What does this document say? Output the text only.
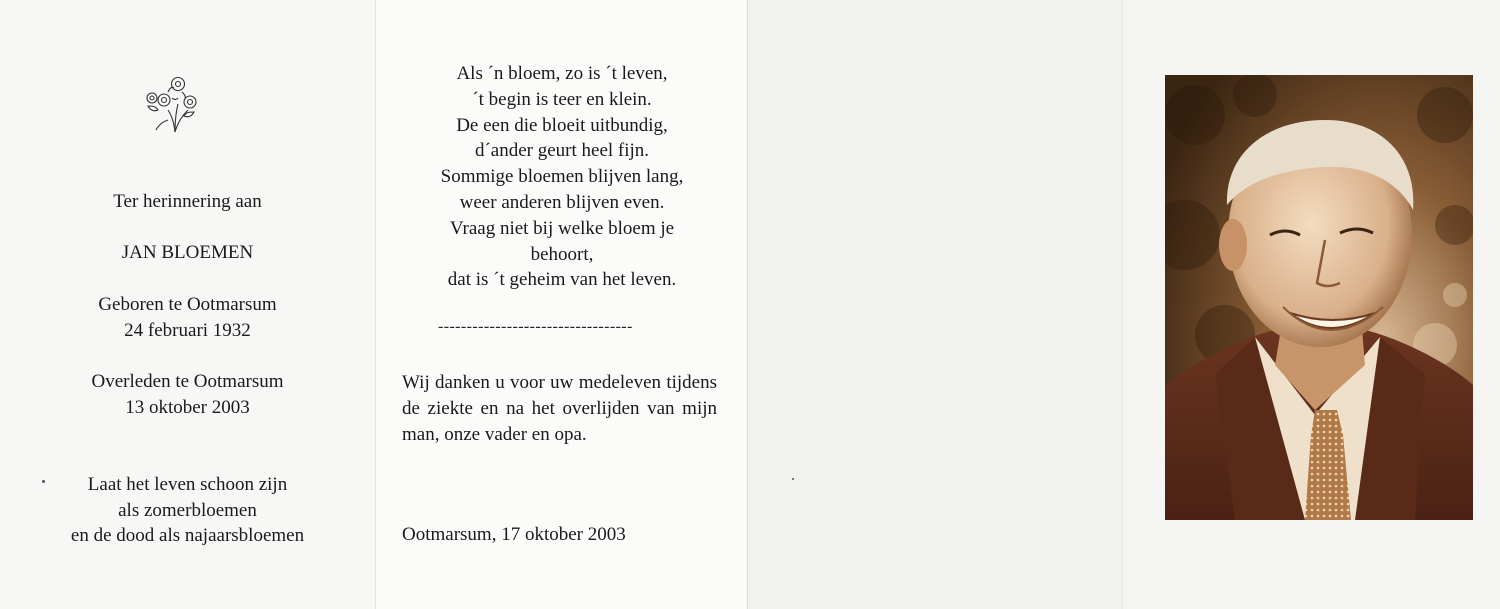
Ter herinnering aan

JAN BLOEMEN

Geboren te Ootmarsum

24 februari 1932

Overleden te Ootmarsum

13 oktober 2003

Laat het leven schoon zijn

als zomerbloemen

en de dood als najaarsbloemen

Als ´n bloem, zo is ´t leven,
´t begin is teer en klein.
De een die bloeit uitbundig,
d´ander geurt heel fijn.
Sommige bloemen blijven lang,
weer anderen blijven even.
Vraag niet bij welke bloem je
behoort,
dat is ´t geheim van het leven.
----------------------------------
Wij danken u voor uw medeleven tijdens de ziekte en na het overlijden van mijn man, onze vader en opa.
Ootmarsum, 17 oktober 2003
